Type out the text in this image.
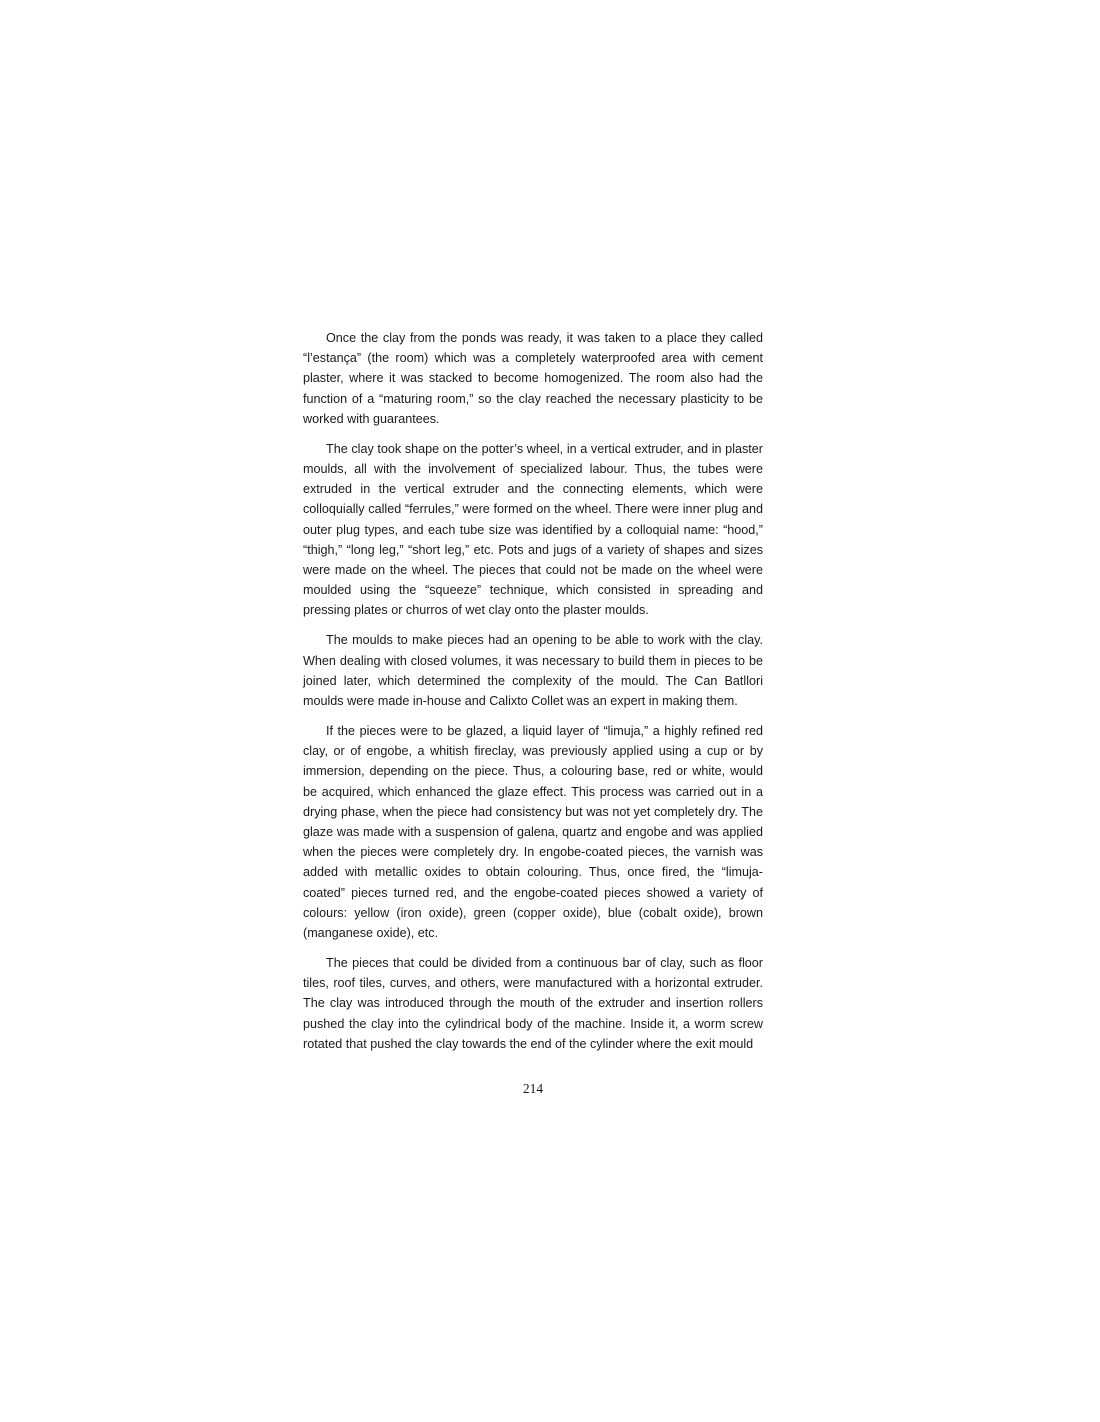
Once the clay from the ponds was ready, it was taken to a place they called “l’estança” (the room) which was a completely waterproofed area with cement plaster, where it was stacked to become homogenized. The room also had the function of a “maturing room,” so the clay reached the necessary plasticity to be worked with guarantees.

The clay took shape on the potter’s wheel, in a vertical extruder, and in plaster moulds, all with the involvement of specialized labour. Thus, the tubes were extruded in the vertical extruder and the connecting elements, which were colloquially called “ferrules,” were formed on the wheel. There were inner plug and outer plug types, and each tube size was identified by a colloquial name: “hood,” “thigh,” “long leg,” “short leg,” etc. Pots and jugs of a variety of shapes and sizes were made on the wheel. The pieces that could not be made on the wheel were moulded using the “squeeze” technique, which consisted in spreading and pressing plates or churros of wet clay onto the plaster moulds.

The moulds to make pieces had an opening to be able to work with the clay. When dealing with closed volumes, it was necessary to build them in pieces to be joined later, which determined the complexity of the mould. The Can Batllori moulds were made in-house and Calixto Collet was an expert in making them.

If the pieces were to be glazed, a liquid layer of “limuja,” a highly refined red clay, or of engobe, a whitish fireclay, was previously applied using a cup or by immersion, depending on the piece. Thus, a colouring base, red or white, would be acquired, which enhanced the glaze effect. This process was carried out in a drying phase, when the piece had consistency but was not yet completely dry. The glaze was made with a suspension of galena, quartz and engobe and was applied when the pieces were completely dry. In engobe-coated pieces, the varnish was added with metallic oxides to obtain colouring. Thus, once fired, the “limuja-coated” pieces turned red, and the engobe-coated pieces showed a variety of colours: yellow (iron oxide), green (copper oxide), blue (cobalt oxide), brown (manganese oxide), etc.

The pieces that could be divided from a continuous bar of clay, such as floor tiles, roof tiles, curves, and others, were manufactured with a horizontal extruder. The clay was introduced through the mouth of the extruder and insertion rollers pushed the clay into the cylindrical body of the machine. Inside it, a worm screw rotated that pushed the clay towards the end of the cylinder where the exit mould

214
